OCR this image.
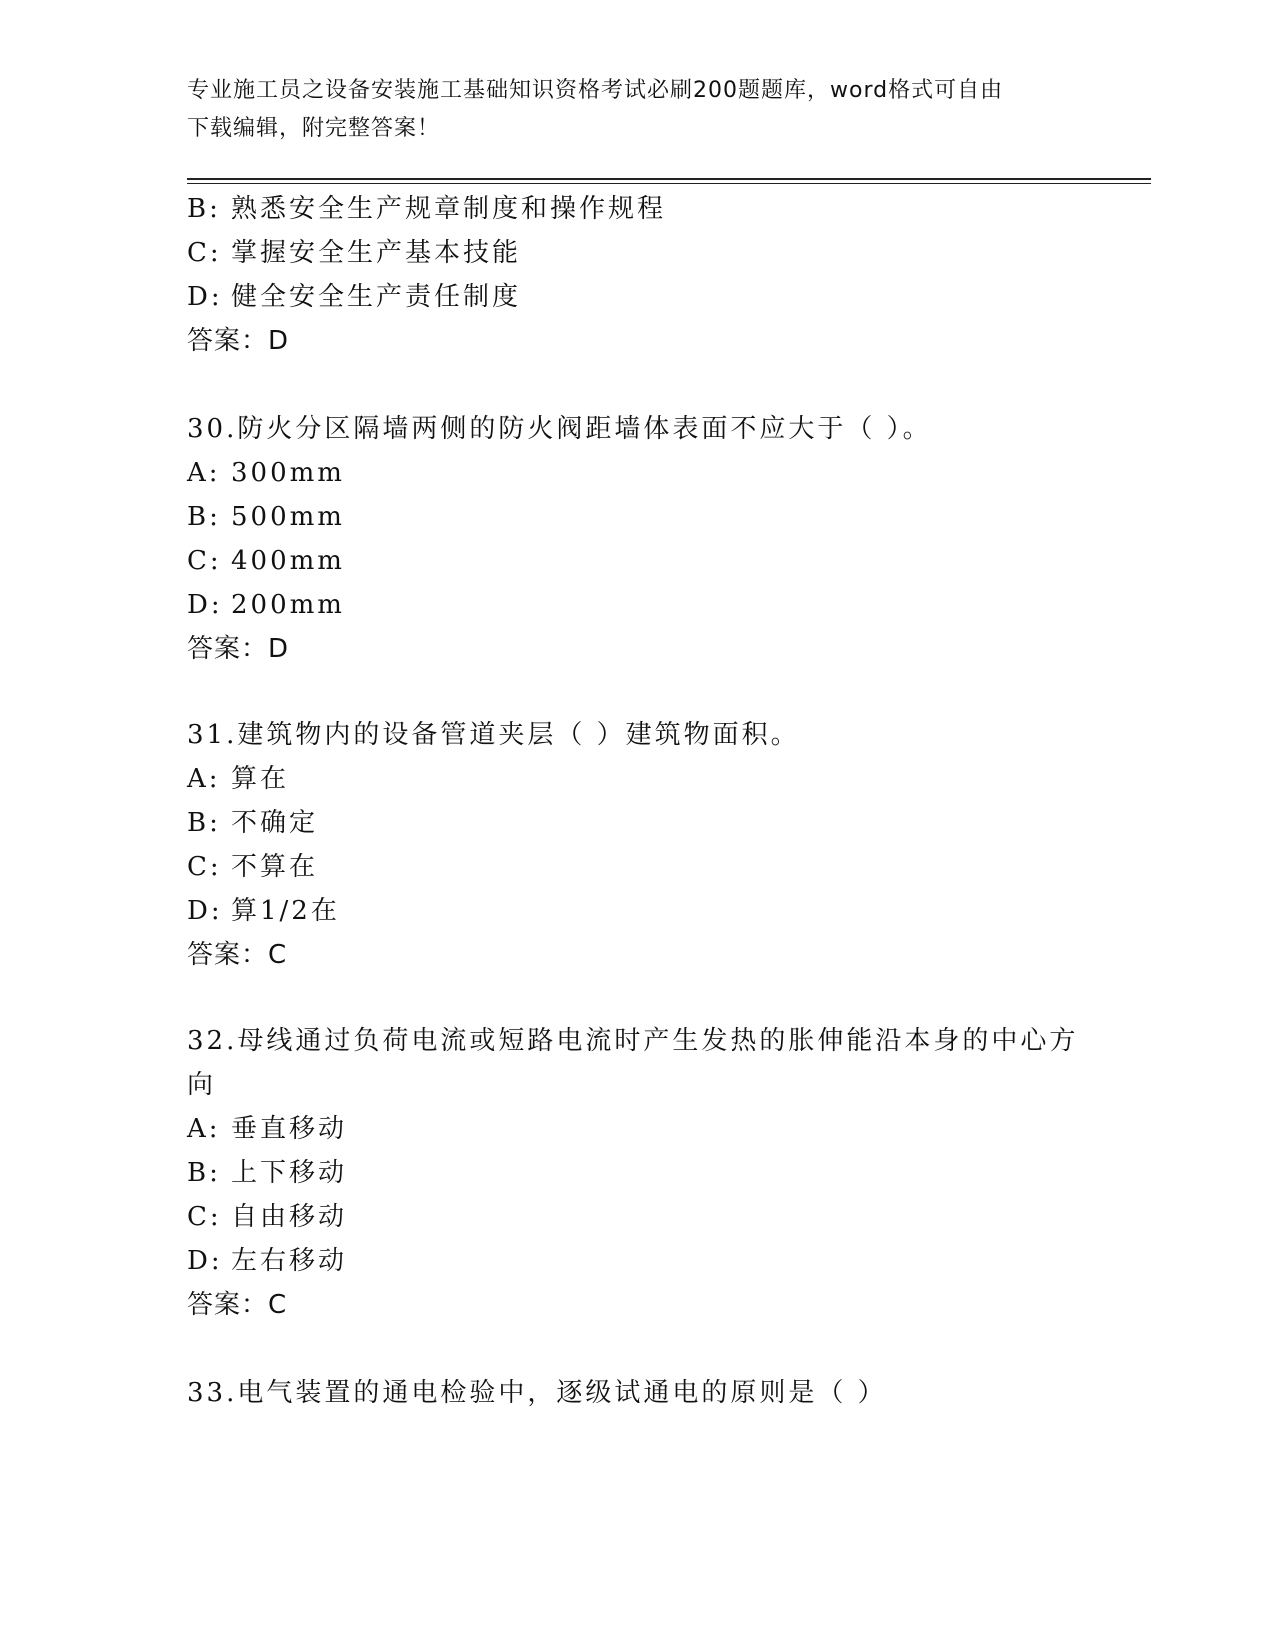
专业施工员之设备安装施工基础知识资格考试必刷200题题库，word格式可自由
下载编辑，附完整答案！
B: 熟悉安全生产规章制度和操作规程
C: 掌握安全生产基本技能
D: 健全安全生产责任制度
答案：D
30.防火分区隔墙两侧的防火阀距墙体表面不应大于（ ）。
A: 300mm
B: 500mm
C: 400mm
D: 200mm
答案：D
31.建筑物内的设备管道夹层（ ）建筑物面积。
A: 算在
B: 不确定
C: 不算在
D: 算1/2在
答案：C
32.母线通过负荷电流或短路电流时产生发热的胀伸能沿本身的中心方
向
A: 垂直移动
B: 上下移动
C: 自由移动
D: 左右移动
答案：C
33.电气装置的通电检验中，逐级试通电的原则是（ ）
